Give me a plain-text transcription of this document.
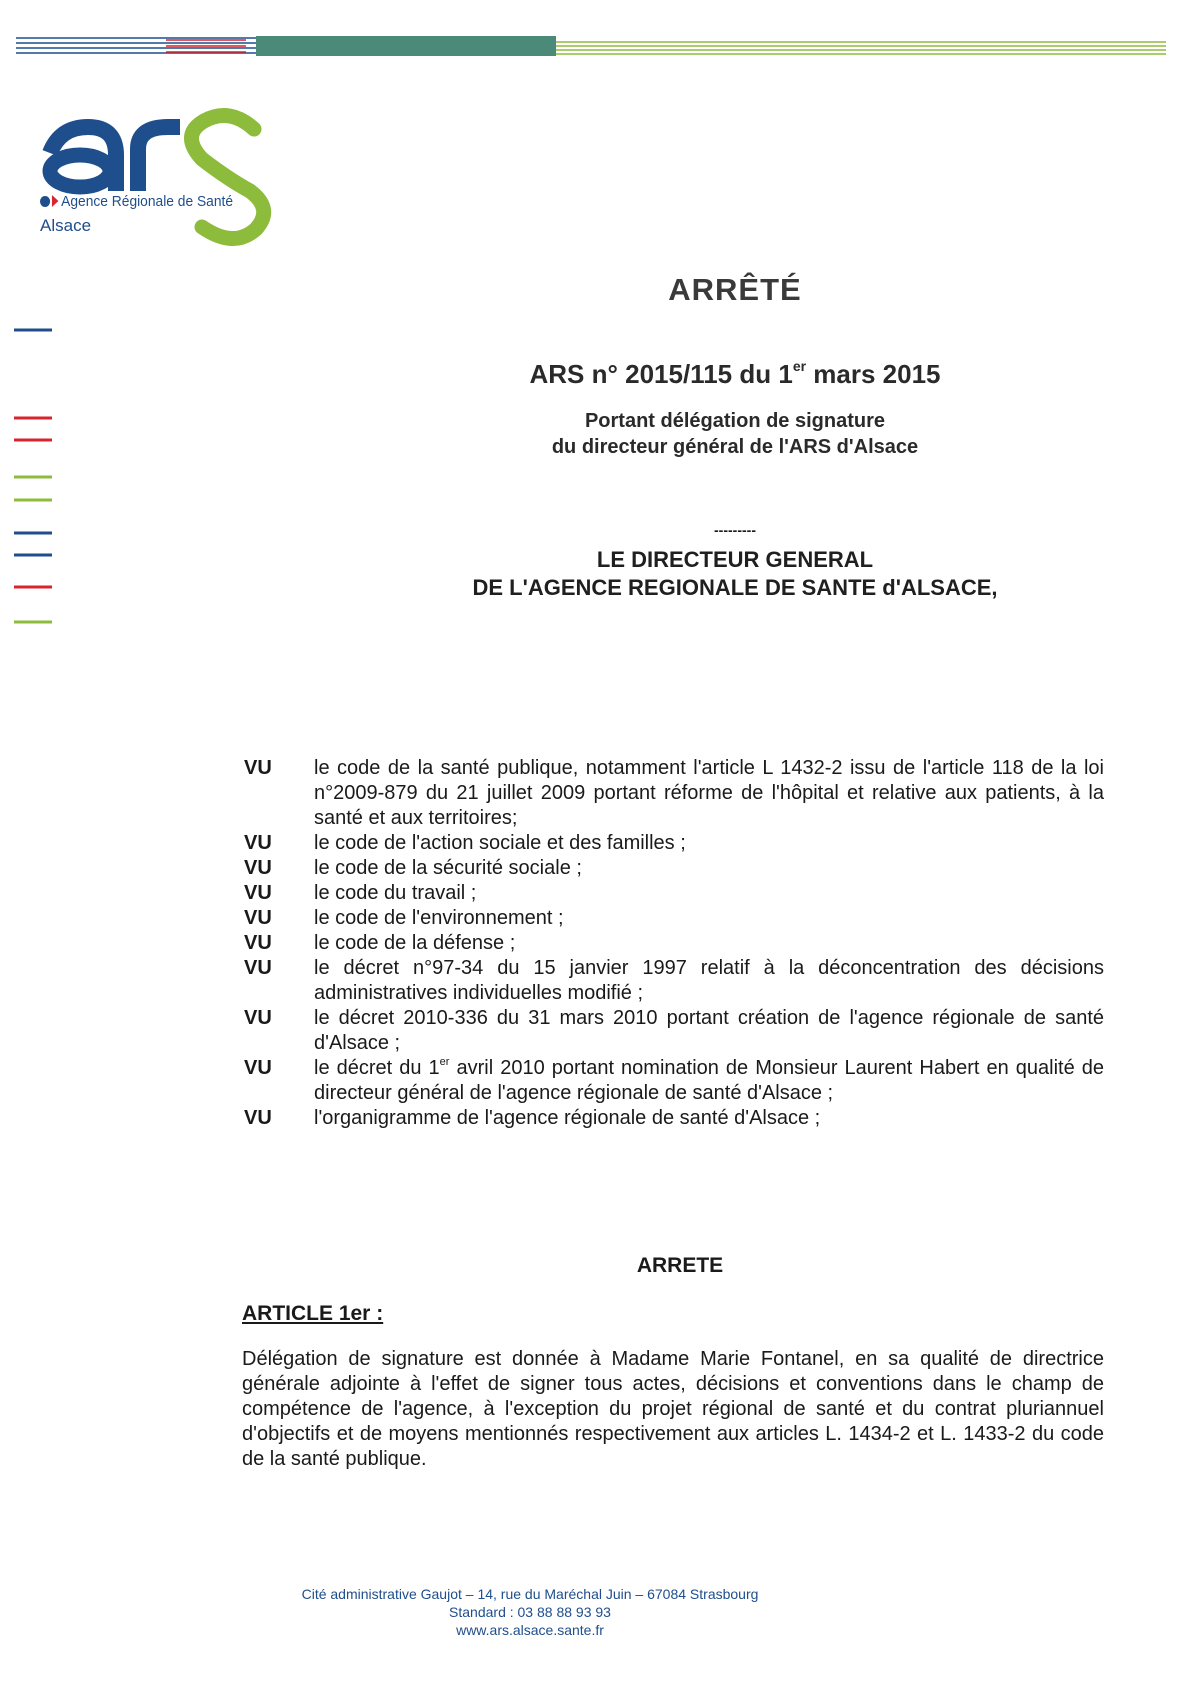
Agence Régionale de Santé
Alsace
ARRÊTÉ
ARS n° 2015/115 du 1er mars 2015
Portant délégation de signature
du directeur général de l'ARS d'Alsace
---------
LE DIRECTEUR GENERAL
DE L'AGENCE REGIONALE DE SANTE d'ALSACE,
VU	le code de la santé publique, notamment l'article L 1432-2 issu de l'article 118 de la loi n°2009-879 du 21 juillet 2009 portant réforme de l'hôpital et relative aux patients, à la santé et aux territoires;
VU	le code de l'action sociale et des familles ;
VU	le code de la sécurité sociale ;
VU	le code du travail ;
VU	le code de l'environnement ;
VU	le code de la défense ;
VU	le décret n°97-34 du 15 janvier 1997 relatif à la déconcentration des décisions administratives individuelles modifié ;
VU	le décret 2010-336 du 31 mars 2010 portant création de l'agence régionale de santé d'Alsace ;
VU	le décret du 1er avril 2010 portant nomination de Monsieur Laurent Habert en qualité de directeur général de l'agence régionale de santé d'Alsace ;
VU	l'organigramme de l'agence régionale de santé d'Alsace ;
ARRETE
ARTICLE 1er :
Délégation de signature est donnée à Madame Marie Fontanel, en sa qualité de directrice générale adjointe à l'effet de signer tous actes, décisions et conventions dans le champ de compétence de l'agence, à l'exception du projet régional de santé et du contrat pluriannuel d'objectifs et de moyens mentionnés respectivement aux articles L. 1434-2 et L. 1433-2 du code de la santé publique.
Cité administrative Gaujot – 14, rue du Maréchal Juin – 67084 Strasbourg
Standard : 03 88 88 93 93
www.ars.alsace.sante.fr
